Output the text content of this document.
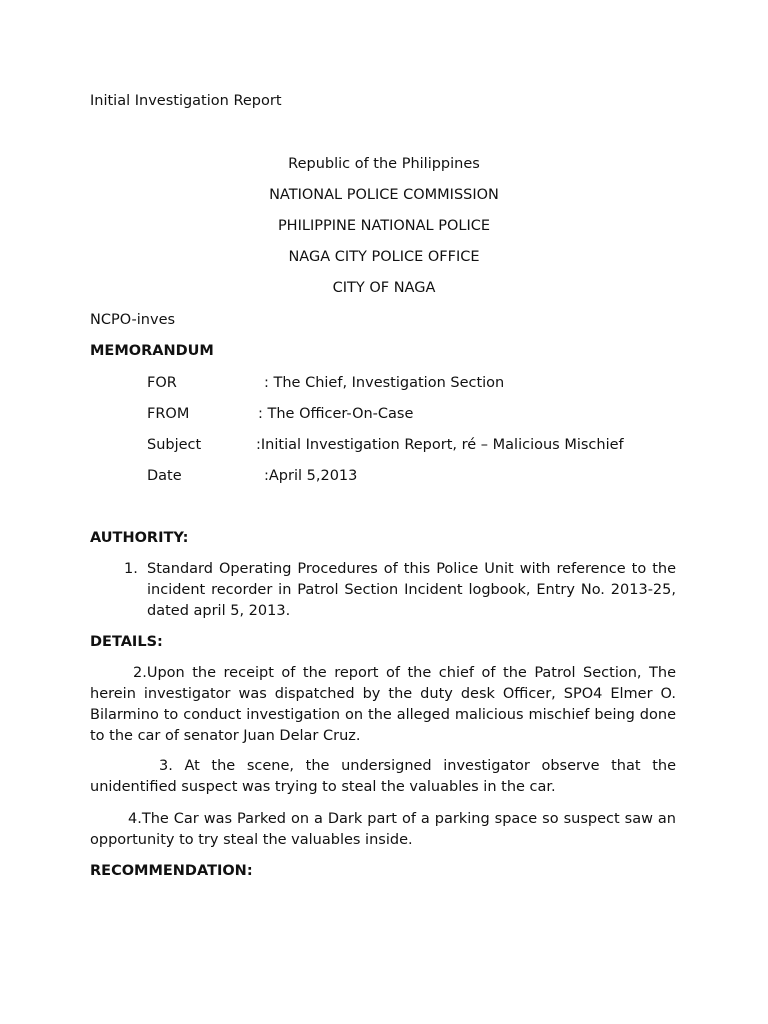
Initial Investigation Report
Republic of the Philippines
NATIONAL POLICE COMMISSION
PHILIPPINE NATIONAL POLICE
NAGA CITY POLICE OFFICE
CITY OF NAGA
NCPO-inves
MEMORANDUM
FOR	: The Chief, Investigation Section
FROM	: The Officer-On-Case
Subject	:Initial Investigation Report, ré – Malicious Mischief
Date	:April 5,2013
AUTHORITY:
1. Standard Operating Procedures of this Police Unit with reference to the incident recorder in Patrol Section Incident logbook, Entry No. 2013-25, dated april 5, 2013.
DETAILS:
2.Upon the receipt of the report of the chief of the Patrol Section, The herein investigator was dispatched by the duty desk Officer, SPO4 Elmer O. Bilarmino to conduct investigation on the alleged malicious mischief being done to the car of senator Juan Delar Cruz.
3. At the scene, the undersigned investigator observe that the unidentified suspect was trying to steal the valuables in the car.
4.The Car was Parked on a Dark part of a parking space so suspect saw an opportunity to try steal the valuables inside.
RECOMMENDATION:
